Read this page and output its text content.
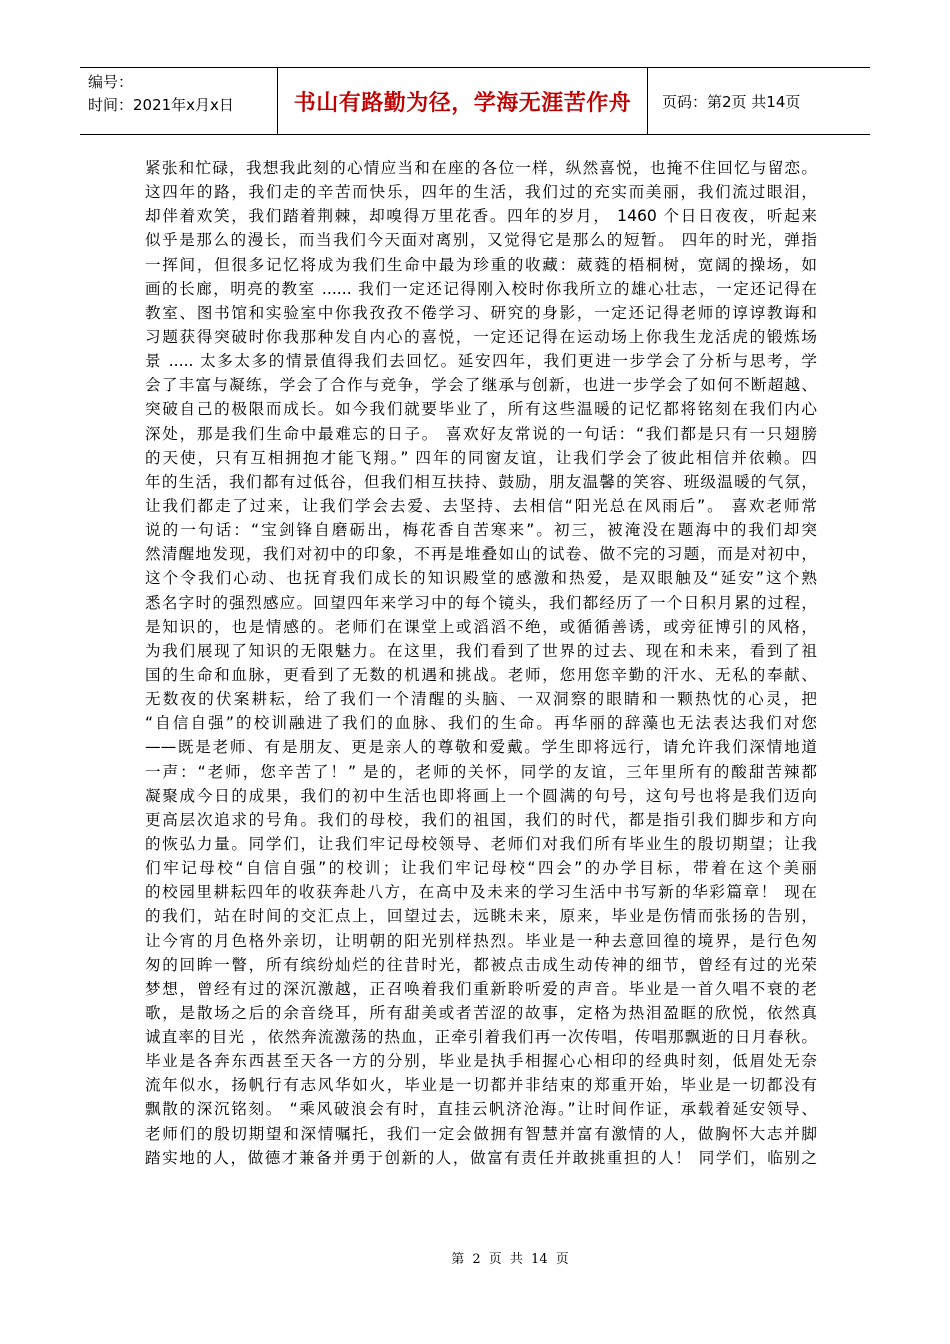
编号：
时间：2021年x月x日	书山有路勤为径，学海无涯苦作舟 页码：第2页 共14页
紧张和忙碌，我想我此刻的心情应当和在座的各位一样，纵然喜悦，也掩不住回忆与留恋。
这四年的路，我们走的辛苦而快乐，四年的生活，我们过的充实而美丽，我们流过眼泪，
却伴着欢笑，我们踏着荆棘，却嗅得万里花香。四年的岁月， 1460 个日日夜夜，听起来
似乎是那么的漫长，而当我们今天面对离别，又觉得它是那么的短暂。 四年的时光，弹指
一挥间，但很多记忆将成为我们生命中最为珍重的收藏：葳蕤的梧桐树，宽阔的操场，如
画的长廊，明亮的教室 ...... 我们一定还记得刚入校时你我所立的雄心壮志，一定还记得在
教室、图书馆和实验室中你我孜孜不倦学习、研究的身影，一定还记得老师的谆谆教诲和
习题获得突破时你我那种发自内心的喜悦，一定还记得在运动场上你我生龙活虎的锻炼场
景 ..... 太多太多的情景值得我们去回忆。延安四年，我们更进一步学会了分析与思考，学
会了丰富与凝练，学会了合作与竞争，学会了继承与创新，也进一步学会了如何不断超越、
突破自己的极限而成长。如今我们就要毕业了，所有这些温暖的记忆都将铭刻在我们内心
深处，那是我们生命中最难忘的日子。 喜欢好友常说的一句话：“我们都是只有一只翅膀
的天使，只有互相拥抱才能飞翔。” 四年的同窗友谊，让我们学会了彼此相信并依赖。四
年的生活，我们都有过低谷，但我们相互扶持、鼓励，朋友温馨的笑容、班级温暖的气氛，
让我们都走了过来，让我们学会去爱、去坚持、去相信“阳光总在风雨后”。 喜欢老师常
说的一句话：“宝剑锋自磨砺出，梅花香自苦寒来”。初三，被淹没在题海中的我们却突
然清醒地发现，我们对初中的印象，不再是堆叠如山的试卷、做不完的习题，而是对初中，
这个令我们心动、也抚育我们成长的知识殿堂的感激和热爱，是双眼触及“延安”这个熟
悉名字时的强烈感应。回望四年来学习中的每个镜头，我们都经历了一个日积月累的过程，
是知识的，也是情感的。老师们在课堂上或滔滔不绝，或循循善诱，或旁征博引的风格，
为我们展现了知识的无限魅力。在这里，我们看到了世界的过去、现在和未来，看到了祖
国的生命和血脉，更看到了无数的机遇和挑战。老师，您用您辛勤的汗水、无私的奉献、
无数夜的伏案耕耘，给了我们一个清醒的头脑、一双洞察的眼睛和一颗热忱的心灵，把
“自信自强”的校训融进了我们的血脉、我们的生命。再华丽的辞藻也无法表达我们对您
——既是老师、有是朋友、更是亲人的尊敬和爱戴。学生即将远行，请允许我们深情地道
一声：“老师，您辛苦了！” 是的，老师的关怀，同学的友谊，三年里所有的酸甜苦辣都
凝聚成今日的成果，我们的初中生活也即将画上一个圆满的句号，这句号也将是我们迈向
更高层次追求的号角。我们的母校，我们的祖国，我们的时代，都是指引我们脚步和方向
的恢弘力量。同学们，让我们牢记母校领导、老师们对我们所有毕业生的殷切期望；让我
们牢记母校“自信自强”的校训；让我们牢记母校“四会”的办学目标，带着在这个美丽
的校园里耕耘四年的收获奔赴八方，在高中及未来的学习生活中书写新的华彩篇章！ 现在
的我们，站在时间的交汇点上，回望过去，远眺未来，原来，毕业是伤情而张扬的告别，
让今宵的月色格外亲切，让明朝的阳光别样热烈。毕业是一种去意回徨的境界，是行色匆
匆的回眸一瞥，所有缤纷灿烂的往昔时光，都被点击成生动传神的细节，曾经有过的光荣
梦想，曾经有过的深沉激越，正召唤着我们重新聆听爱的声音。毕业是一首久唱不衰的老
歌，是散场之后的余音绕耳，所有甜美或者苦涩的故事，定格为热泪盈眶的欣悦，依然真
诚直率的目光 ，依然奔流激荡的热血，正牵引着我们再一次传唱，传唱那飘逝的日月春秋。
毕业是各奔东西甚至天各一方的分别，毕业是执手相握心心相印的经典时刻，低眉处无奈
流年似水，扬帆行有志风华如火，毕业是一切都并非结束的郑重开始，毕业是一切都没有
飘散的深沉铭刻。 “乘风破浪会有时，直挂云帆济沧海。”让时间作证，承载着延安领导、
老师们的殷切期望和深情嘱托，我们一定会做拥有智慧并富有激情的人，做胸怀大志并脚
踏实地的人，做德才兼备并勇于创新的人，做富有责任并敢挑重担的人！ 同学们，临别之
第 2 页 共 14 页
